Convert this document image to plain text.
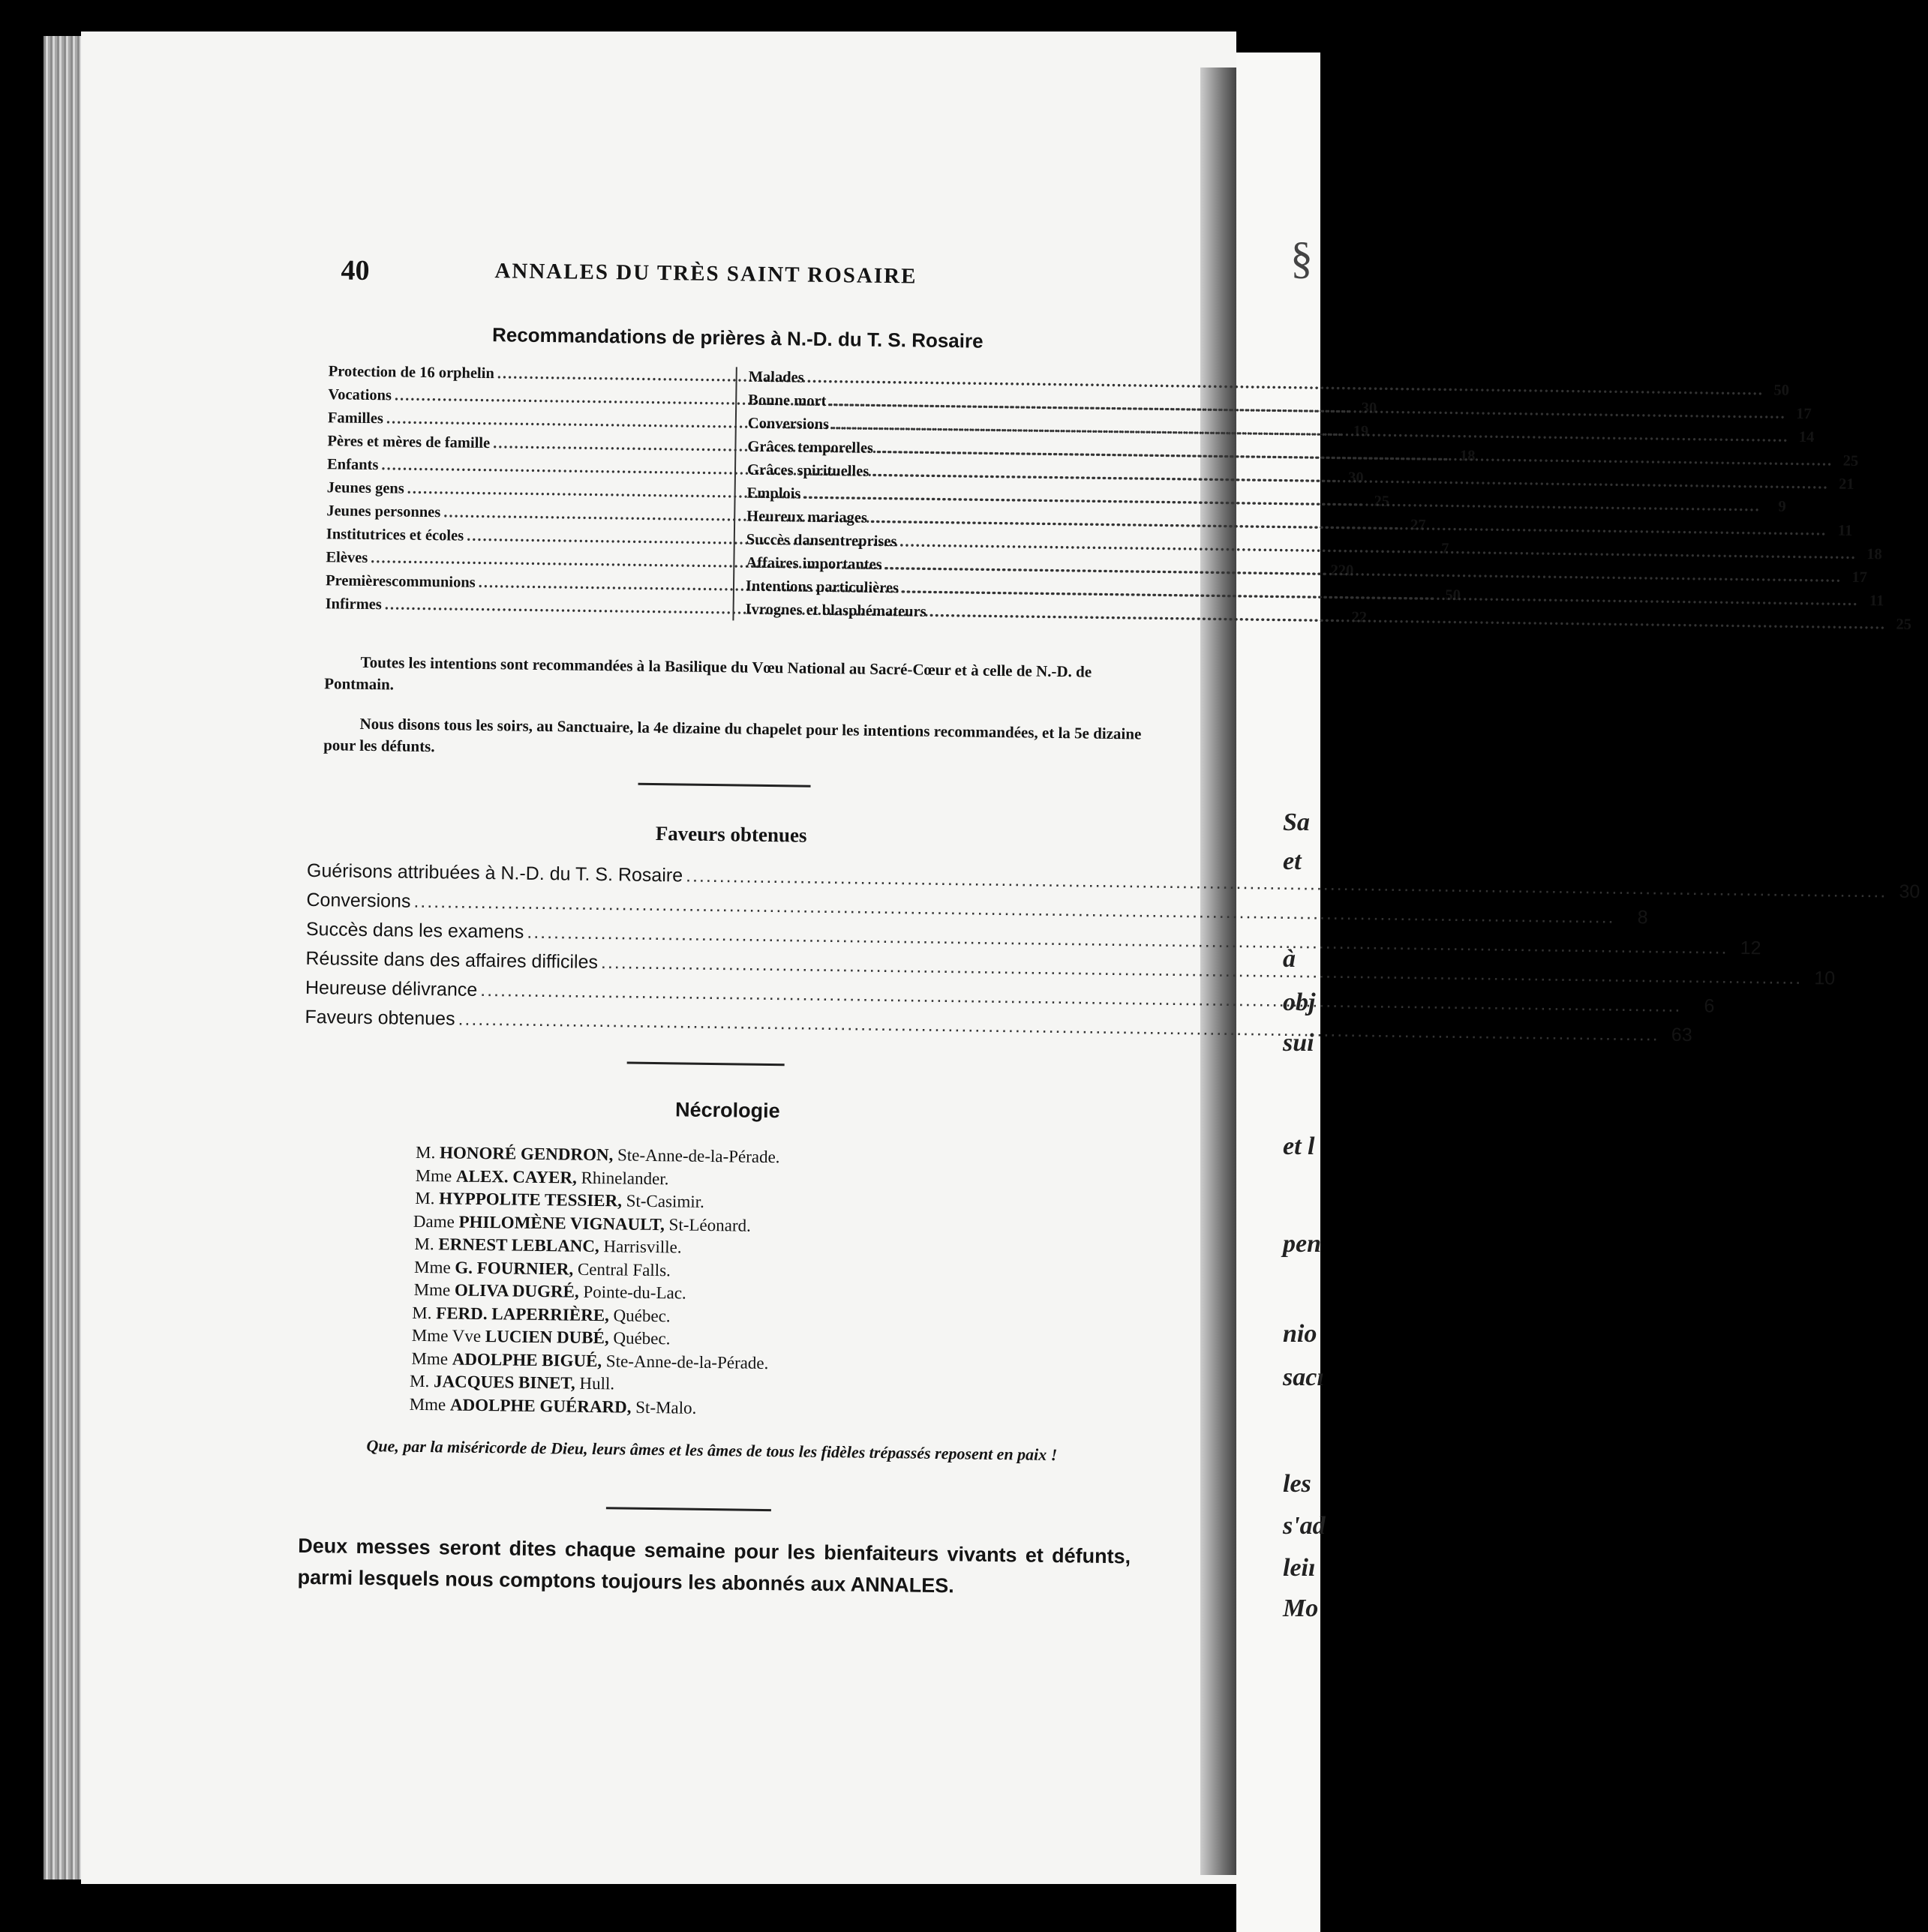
§
Sa
et
à
obj
sui
et l
pen
nio
sacı
les
s'ad
leiı
Mo
40	ANNALES DU TRÈS SAINT ROSAIRE
Recommandations de prières à N.-D. du T. S. Rosaire
Protection de 16 orphelin
.....
Vocations
.....
30
Familles
.....
19
Pères et mères de famille
.....
18
Enfants
.....
30
Jeunes gens
.....
25
Jeunes personnes
.....
27
Institutrices et écoles
.....
7
Elèves
.....
220
Premièrescommunions
.....
50
Infirmes
.....
22
Malades
.....
50
Bonne mort
.....
17
Conversions
.....
14
Grâces temporelles
.....
25
Grâces spirituelles
.....
21
Emplois
.....
9
Heureux mariages
.....
11
Succès dansentreprises
.....
18
Affaires importantes
.....
17
Intentions particulières
.....
11
Ivrognes et blasphémateurs
.....
25
Toutes les intentions sont recommandées à la Basilique du Vœu National au Sacré-Cœur et à celle de N.-D. de Pontmain.
Nous disons tous les soirs, au Sanctuaire, la 4e dizaine du chapelet pour les intentions recommandées, et la 5e dizaine pour les défunts.
Faveurs obtenues
Guérisons attribuées à N.-D. du T. S. Rosaire
.....
30
Conversions
.....
8
Succès dans les examens
.....
12
Réussite dans des affaires difficiles
.....
10
Heureuse délivrance
.....
6
Faveurs obtenues
.....
63
Nécrologie
M. HONORÉ GENDRON, Ste-Anne-de-la-Pérade.
Mme ALEX. CAYER, Rhinelander.
M. HYPPOLITE TESSIER, St-Casimir.
Dame PHILOMÈNE VIGNAULT, St-Léonard.
M. ERNEST LEBLANC, Harrisville.
Mme G. FOURNIER, Central Falls.
Mme OLIVA DUGRÉ, Pointe-du-Lac.
M. FERD. LAPERRIÈRE, Québec.
Mme Vve LUCIEN DUBÉ, Québec.
Mme ADOLPHE BIGUÉ, Ste-Anne-de-la-Pérade.
M. JACQUES BINET, Hull.
Mme ADOLPHE GUÉRARD, St-Malo.
Que, par la miséricorde de Dieu, leurs âmes et les âmes de tous les fidèles trépassés reposent en paix !
Deux messes seront dites chaque semaine pour les bienfaiteurs vivants et défunts, parmi lesquels nous comptons toujours les abonnés aux ANNALES.
